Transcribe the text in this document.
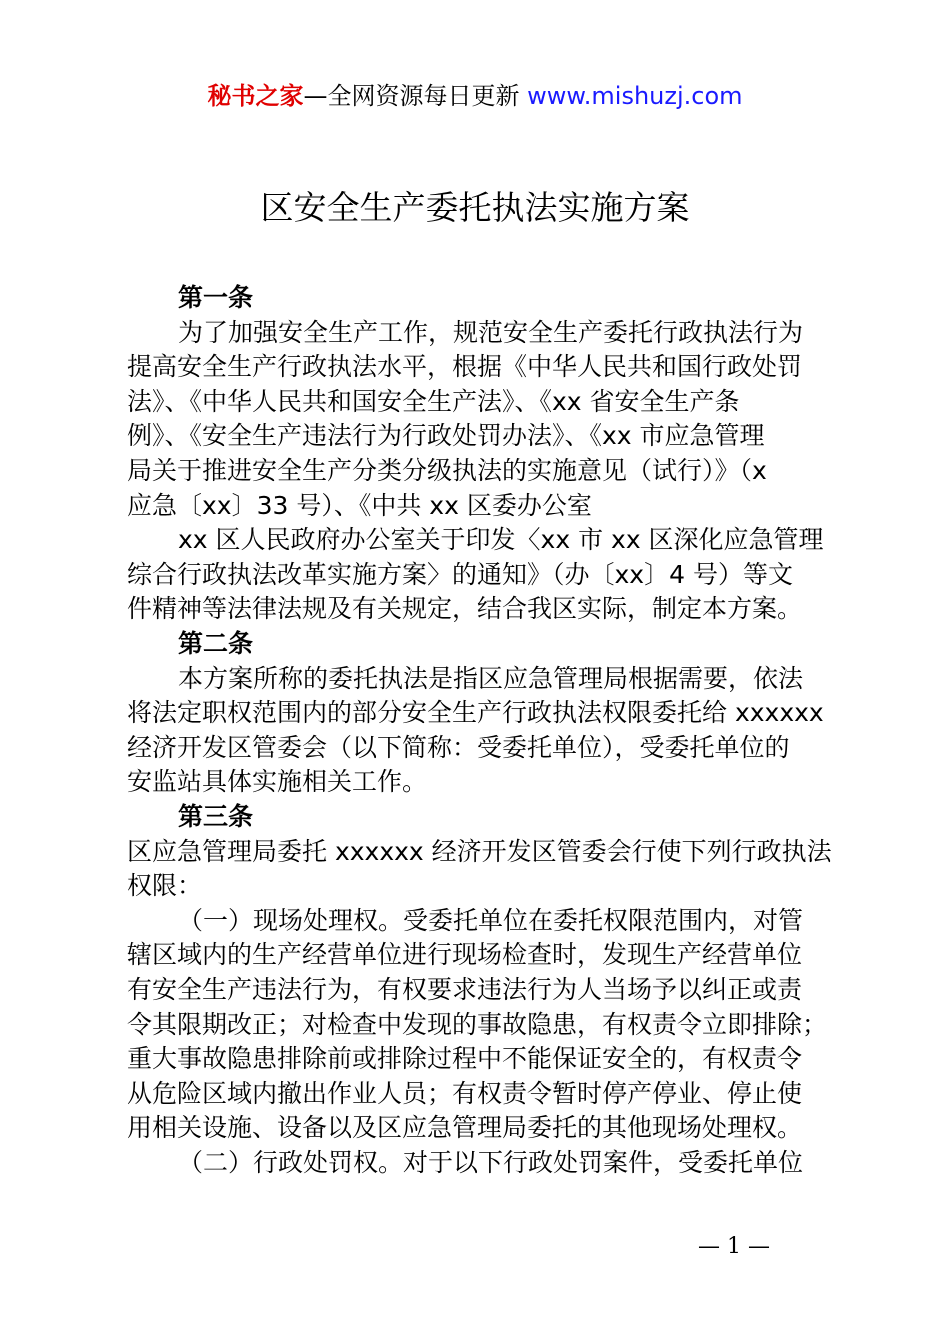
秘书之家—全网资源每日更新 www.mishuzj.com
区安全生产委托执法实施方案
第一条
为了加强安全生产工作，规范安全生产委托行政执法行为
提高安全生产行政执法水平，根据《中华人民共和国行政处罚
法》、《中华人民共和国安全生产法》、《xx 省安全生产条
例》、《安全生产违法行为行政处罚办法》、《xx 市应急管理
局关于推进安全生产分类分级执法的实施意见（试行）》（x
应急〔xx〕33 号）、《中共 xx 区委办公室
xx 区人民政府办公室关于印发〈xx 市 xx 区深化应急管理
综合行政执法改革实施方案〉的通知》（办〔xx〕4 号）等文
件精神等法律法规及有关规定，结合我区实际，制定本方案。
第二条
本方案所称的委托执法是指区应急管理局根据需要，依法
将法定职权范围内的部分安全生产行政执法权限委托给 xxxxxx
经济开发区管委会（以下简称：受委托单位），受委托单位的
安监站具体实施相关工作。
第三条
区应急管理局委托 xxxxxx 经济开发区管委会行使下列行政执法
权限：
（一）现场处理权。受委托单位在委托权限范围内，对管
辖区域内的生产经营单位进行现场检查时，发现生产经营单位
有安全生产违法行为，有权要求违法行为人当场予以纠正或责
令其限期改正；对检查中发现的事故隐患，有权责令立即排除；
重大事故隐患排除前或排除过程中不能保证安全的，有权责令
从危险区域内撤出作业人员；有权责令暂时停产停业、停止使
用相关设施、设备以及区应急管理局委托的其他现场处理权。
（二）行政处罚权。对于以下行政处罚案件，受委托单位
— 1 —
